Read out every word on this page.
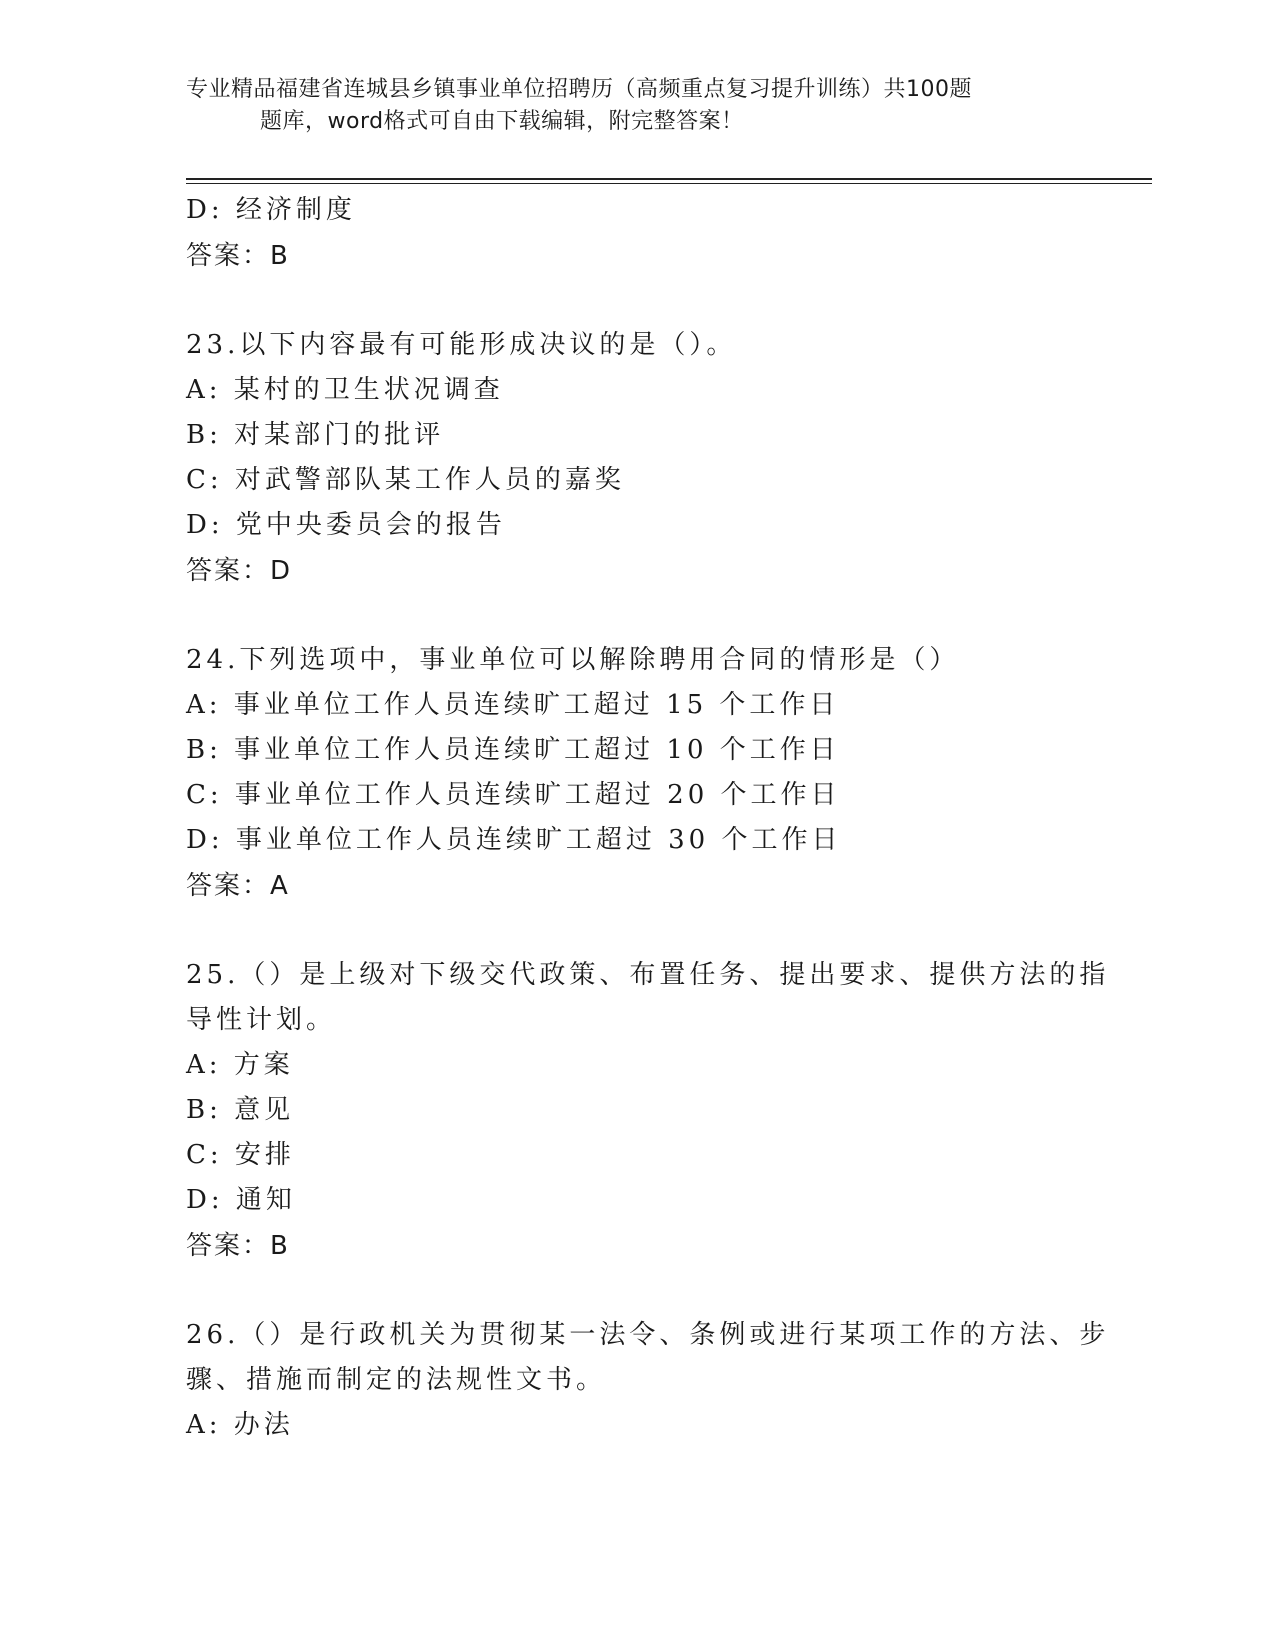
专业精品福建省连城县乡镇事业单位招聘历（高频重点复习提升训练）共100题
题库，word格式可自由下载编辑，附完整答案！
D: 经济制度
答案：B
23.以下内容最有可能形成决议的是（）。
A: 某村的卫生状况调查
B: 对某部门的批评
C: 对武警部队某工作人员的嘉奖
D: 党中央委员会的报告
答案：D
24.下列选项中，事业单位可以解除聘用合同的情形是（）
A: 事业单位工作人员连续旷工超过 15 个工作日
B: 事业单位工作人员连续旷工超过 10 个工作日
C: 事业单位工作人员连续旷工超过 20 个工作日
D: 事业单位工作人员连续旷工超过 30 个工作日
答案：A
25.（）是上级对下级交代政策、布置任务、提出要求、提供方法的指
导性计划。
A: 方案
B: 意见
C: 安排
D: 通知
答案：B
26.（）是行政机关为贯彻某一法令、条例或进行某项工作的方法、步
骤、措施而制定的法规性文书。
A: 办法
